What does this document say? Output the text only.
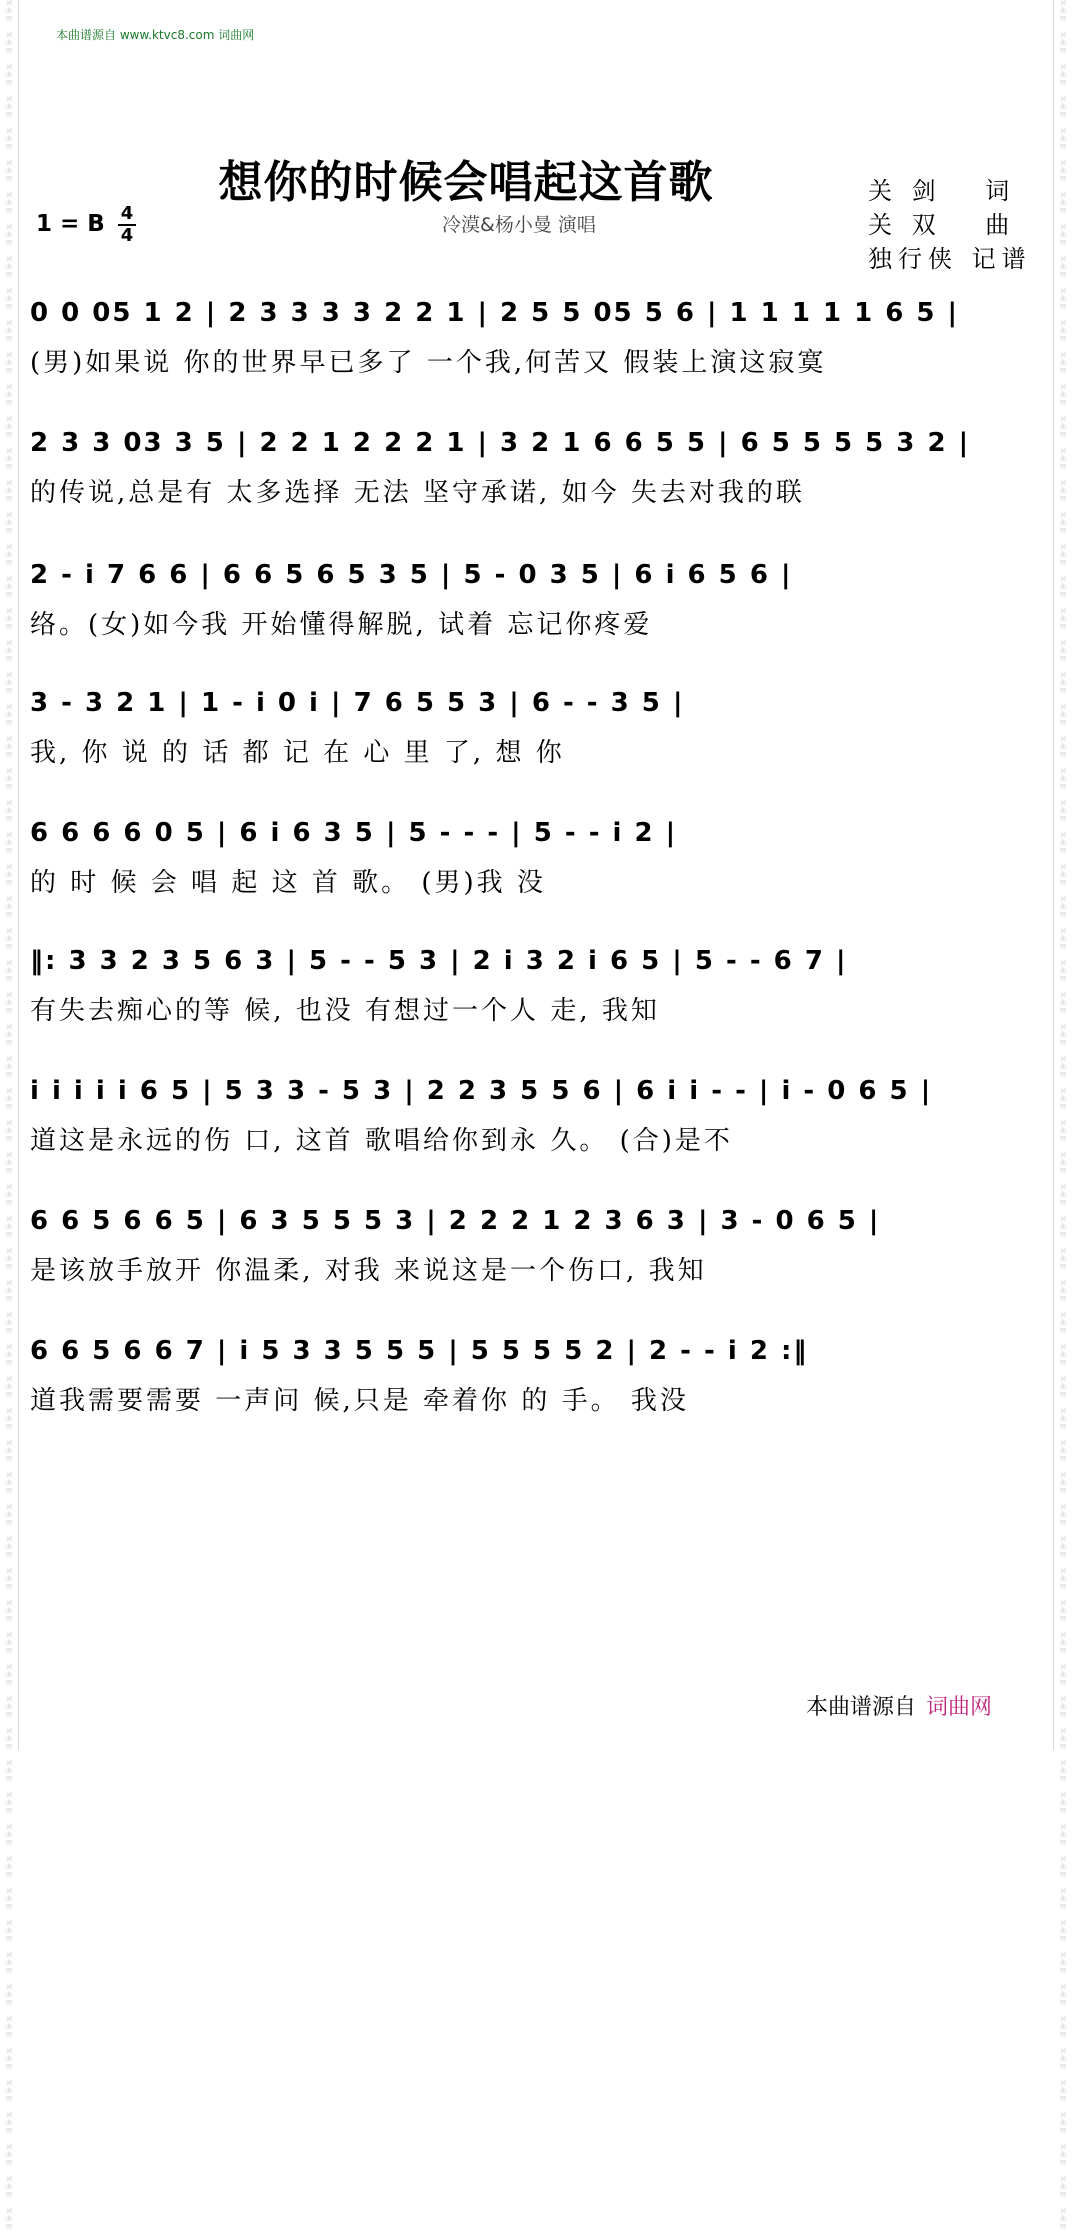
词
曲
网

词
曲
网

词
曲
网

词
曲
网

词
曲
网

词
曲
网

词
曲
网

词
曲
网

词
曲
网

词
曲
网

词
曲
网

词
曲
网

词
曲
网

词
曲
网

词
曲
网

词
曲
网

词
曲
网

词
曲
网

词
曲
网

词
曲
网

词
曲
网

词
曲
网

词
曲
网

词
曲
网

词
曲
网

词
曲
网

词
曲
网

词
曲
网

词
曲
网

词
曲
网

词
曲
网

词
曲
网

词
曲
网

词
曲
网

词
曲
网

词
曲
网

词
曲
网

词
曲
网

词
曲
网

词
曲
网

词
曲
网

词
曲
网

词
曲
网

词
曲
网

词
曲
网

词
曲
网

词
曲
网

词
曲
网

词
曲
网

词
曲
网

词
曲
网

词
曲
网

词
曲
网

词
曲
网

词
曲
网

词
曲
网

词
曲
网

词
曲
网

词
曲
网

词
曲
网

词
曲
网

词
曲
网

词
曲
网

词
曲
网

词
曲
网

词
曲
网

词
曲
网

词
曲
网

词
曲
网

词
曲
网

词
曲
网

词
曲
网

词
曲
网

词
曲
网

词
曲
网

词
曲
网

词
曲
网

词
曲
网

词
曲
网

词
曲
网

词
曲
网

词
曲
网

词
曲
网

词
曲
网

词
曲
网

词
曲
网

词
曲
网

词
曲
网

词
曲
网

词
曲
网

词
曲
网

词
曲
网

词
曲
网

词
曲
网

词
曲
网

词
曲
网

词
曲
网

词
曲
网

词
曲
网

词
曲
网

词
曲
网

词
曲
网

词
曲
网

词
曲
网

词
曲
网

词
曲
网

词
曲
网

词
曲
网

词
曲
网

词
曲
网

词
曲
网

词
曲
网

词
曲
网

词
曲
网

词
曲
网

词
曲
网

词
曲
网

词
曲
网

词
曲
网

词
曲
网

词
曲
网

词
曲
网

词
曲
网

词
曲
网

词
曲
网

词
曲
网

词
曲
网

词
曲
网

词
曲
网

词
曲
网

词
曲
网

词
曲
网

词
曲
网

词
曲
网

词
曲
网

词
曲
网

词
曲
网

词
曲
网

词
曲
网

词
曲
网

本曲谱源自 www.ktvc8.com 词曲网
想你的时候会唱起这首歌
冷漠&杨小曼 演唱
关 剑　 词
关 双 　曲
独行侠 记谱
1 = B 4
4
0 0 05 1 2 | 2 3 3 3 3 2 2 1 | 2 5 5 05 5 6 | 1 1 1 1 1 6 5 |
(男)如果说 你的世界早已多了 一个我,何苦又 假装上演这寂寞
2 3 3 03 3 5 | 2 2 1 2 2 2 1 | 3 2 1 6 6 5 5 | 6 5 5 5 5 3 2 |
的传说,总是有 太多选择 无法 坚守承诺, 如今 失去对我的联
2 - i 7 6 6 | 6 6 5 6 5 3 5 | 5 - 0 3 5 | 6 i 6 5 6 |
络。(女)如今我 开始懂得解脱, 试着 忘记你疼爱
3 - 3 2 1 | 1 - i 0 i | 7 6 5 5 3 | 6 - - 3 5 |
我, 你 说 的 话 都 记 在 心 里 了, 想 你
6 6 6 6 0 5 | 6 i 6 3 5 | 5 - - - | 5 - - i 2 |
的 时 候 会 唱 起 这 首 歌。 (男)我 没
‖: 3 3 2 3 5 6 3 | 5 - - 5 3 | 2 i 3 2 i 6 5 | 5 - - 6 7 |
有失去痴心的等 候, 也没 有想过一个人 走, 我知
i i i i i 6 5 | 5 3 3 - 5 3 | 2 2 3 5 5 6 | 6 i i - - | i - 0 6 5 |
道这是永远的伤 口, 这首 歌唱给你到永 久。 (合)是不
6 6 5 6 6 5 | 6 3 5 5 5 3 | 2 2 2 1 2 3 6 3 | 3 - 0 6 5 |
是该放手放开 你温柔, 对我 来说这是一个伤口, 我知
6 6 5 6 6 7 | i 5 3 3 5 5 5 | 5 5 5 5 2 | 2 - - i 2 :‖
道我需要需要 一声问 候,只是 牵着你 的 手。 我没
本曲谱源自 词曲网
